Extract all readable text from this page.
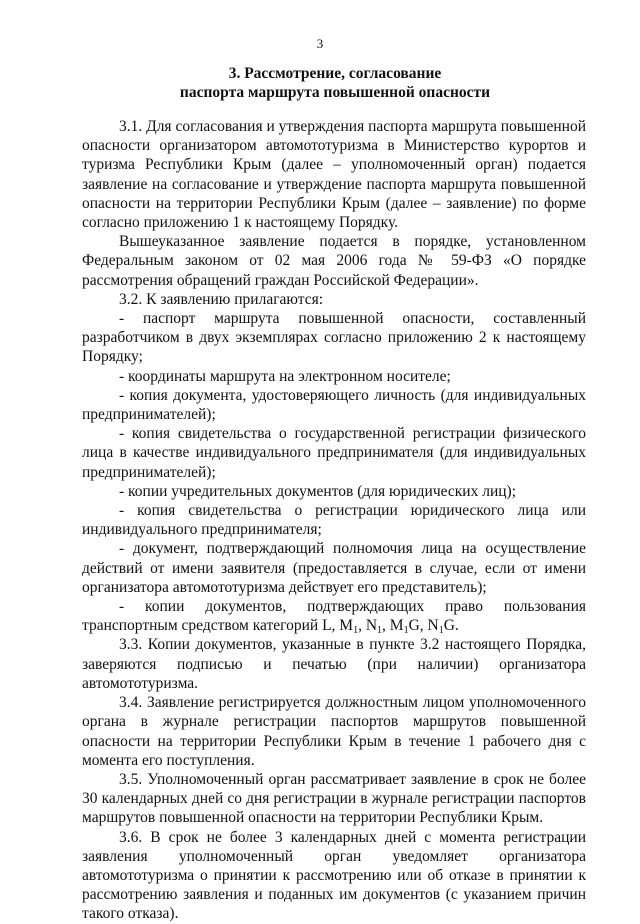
3
3. Рассмотрение, согласование
паспорта маршрута повышенной опасности

3.1. Для согласования и утверждения паспорта маршрута повышенной опасности организатором автомототуризма в Министерство курортов и туризма Республики Крым (далее – уполномоченный орган) подается заявление на согласование и утверждение паспорта маршрута повышенной опасности на территории Республики Крым (далее – заявление) по форме согласно приложению 1 к настоящему Порядку.

Вышеуказанное заявление подается в порядке, установленном Федеральным законом от 02 мая 2006 года № 59-ФЗ «О порядке рассмотрения обращений граждан Российской Федерации».

3.2. К заявлению прилагаются:

- паспорт маршрута повышенной опасности, составленный разработчиком в двух экземплярах согласно приложению 2 к настоящему Порядку;

- координаты маршрута на электронном носителе;

- копия документа, удостоверяющего личность (для индивидуальных предпринимателей);

- копия свидетельства о государственной регистрации физического лица в качестве индивидуального предпринимателя (для индивидуальных предпринимателей);

- копии учредительных документов (для юридических лиц);

- копия свидетельства о регистрации юридического лица или индивидуального предпринимателя;

- документ, подтверждающий полномочия лица на осуществление действий от имени заявителя (предоставляется в случае, если от имени организатора автомототуризма действует его представитель);

- копии документов, подтверждающих право пользования транспортным средством категорий L, $M_1$, $N_1$, $M_1G$, $N_1G$.

3.3. Копии документов, указанные в пункте 3.2 настоящего Порядка, заверяются подписью и печатью (при наличии) организатора автомототуризма.

3.4. Заявление регистрируется должностным лицом уполномоченного органа в журнале регистрации паспортов маршрутов повышенной опасности на территории Республики Крым в течение 1 рабочего дня с момента его поступления.

3.5. Уполномоченный орган рассматривает заявление в срок не более 30 календарных дней со дня регистрации в журнале регистрации паспортов маршрутов повышенной опасности на территории Республики Крым.

3.6. В срок не более 3 календарных дней с момента регистрации заявления уполномоченный орган уведомляет организатора автомототуризма о принятии к рассмотрению или об отказе в принятии к рассмотрению заявления и поданных им документов (с указанием причин такого отказа).
